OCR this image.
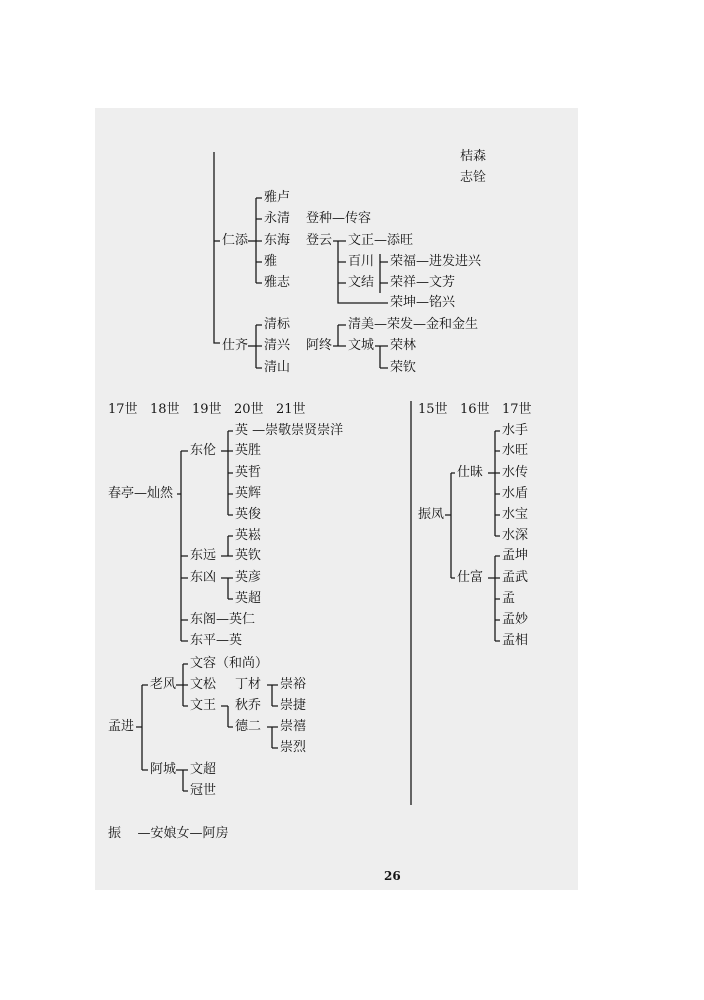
桔森
志铨
仁添
雅卢
永清
东海
雅
雅志
登种—传容
登云 文正—添旺
百川
文结
荣福—进发进兴
荣祥—文芳
荣坤—铭兴
仕齐
清标
清兴
清山
阿终
清美—荣发—金和金生
文城 荣林
荣钦
17世 18世 19世 20世 21世
春亭—灿然
东伦
英 —崇敬崇贤崇洋
英胜
英哲
英辉
英俊
东远
英崧
英钦
东凶 英彦
英超
东阁—英仁
东平—英
孟进
老风
文容（和尚）
文松
文王
丁材 崇裕
崇捷
秋乔
德二 崇禧
崇烈
阿城 文超
冠世
振    —安娘女—阿房
15世 16世 17世
振凤
仕昧
水手
水旺
水传
水盾
水宝
水深
仕富
孟坤
孟武
孟
孟妙
孟相
26
